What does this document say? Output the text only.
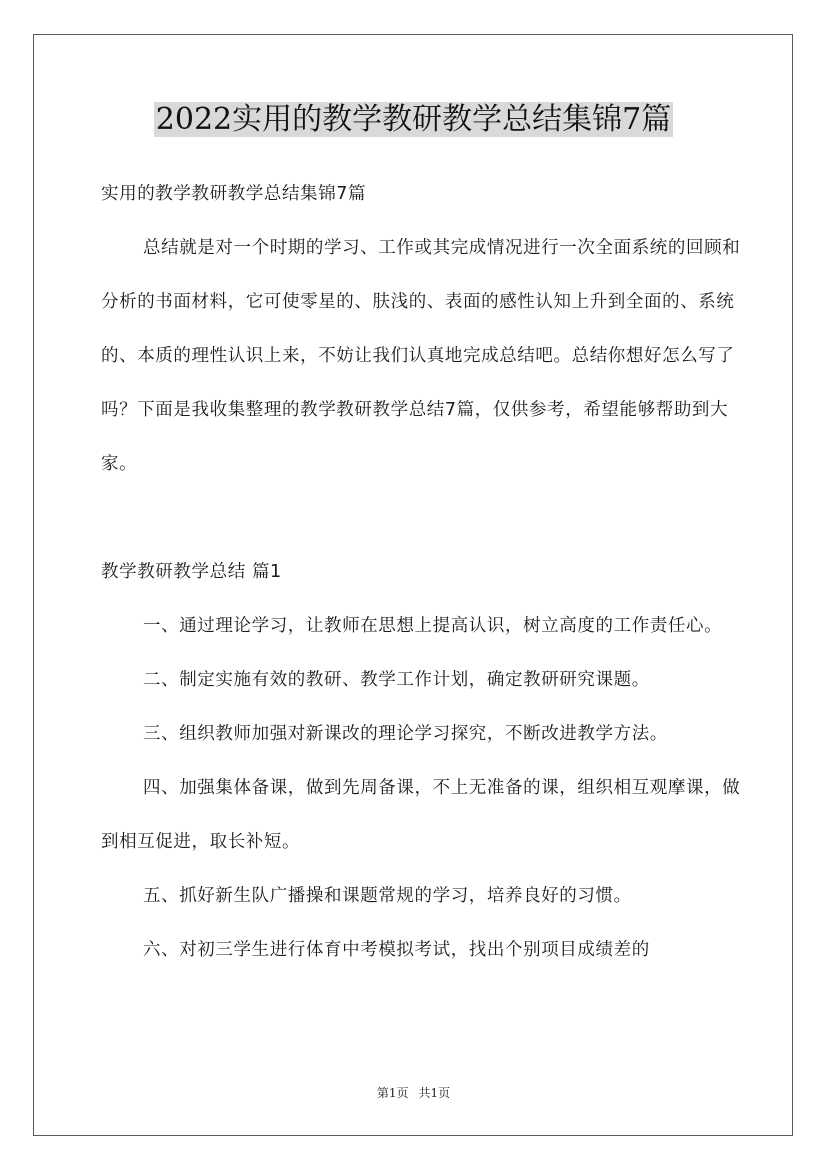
2022实用的教学教研教学总结集锦7篇

实用的教学教研教学总结集锦7篇

总结就是对一个时期的学习、工作或其完成情况进行一次全面系统的回顾和分析的书面材料，它可使零星的、肤浅的、表面的感性认知上升到全面的、系统的、本质的理性认识上来，不妨让我们认真地完成总结吧。总结你想好怎么写了吗？下面是我收集整理的教学教研教学总结7篇，仅供参考，希望能够帮助到大家。

教学教研教学总结 篇1

一、通过理论学习，让教师在思想上提高认识，树立高度的工作责任心。
二、制定实施有效的教研、教学工作计划，确定教研研究课题。
三、组织教师加强对新课改的理论学习探究，不断改进教学方法。
四、加强集体备课，做到先周备课，不上无准备的课，组织相互观摩课，做到相互促进，取长补短。
五、抓好新生队广播操和课题常规的学习，培养良好的习惯。
六、对初三学生进行体育中考模拟考试，找出个别项目成绩差的
第1页 共1页
